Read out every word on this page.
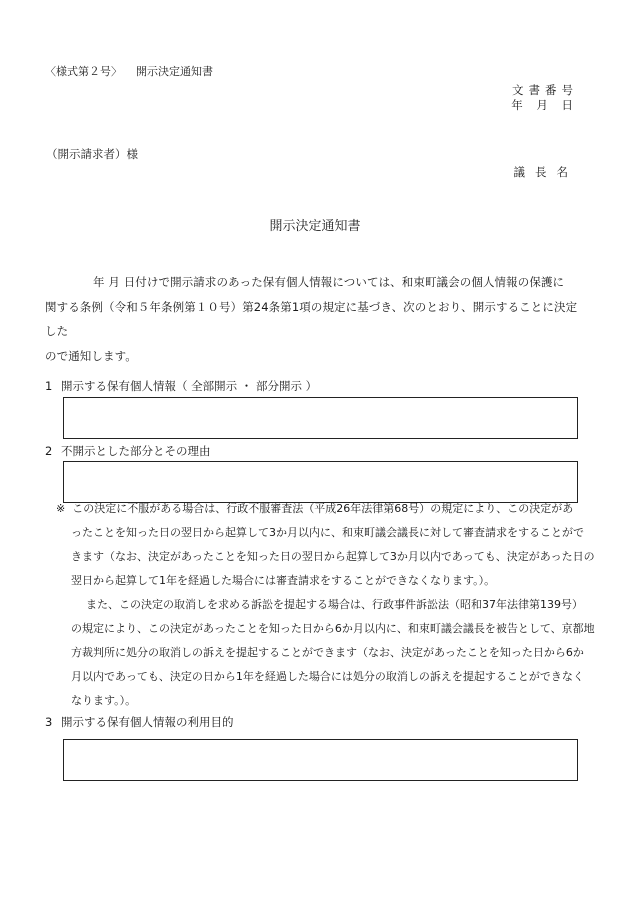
〈様式第２号〉 開示決定通知書
文書番号
年 月 日
（開示請求者）様
議長名
開示決定通知書
年 月 日付けで開示請求のあった保有個人情報については、和束町議会の個人情報の保護に
関する条例（令和５年条例第１０号）第24条第1項の規定に基づき、次のとおり、開示することに決定した
ので通知します。
1 開示する保有個人情報（ 全部開示 ・ 部分開示 ）
2 不開示とした部分とその理由
※ この決定に不服がある場合は、行政不服審査法（平成26年法律第68号）の規定により、この決定があ
ったことを知った日の翌日から起算して3か月以内に、和束町議会議長に対して審査請求をすることがで
きます（なお、決定があったことを知った日の翌日から起算して3か月以内であっても、決定があった日の
翌日から起算して1年を経過した場合には審査請求をすることができなくなります。）。
また、この決定の取消しを求める訴訟を提起する場合は、行政事件訴訟法（昭和37年法律第139号）
の規定により、この決定があったことを知った日から6か月以内に、和束町議会議長を被告として、京都地
方裁判所に処分の取消しの訴えを提起することができます（なお、決定があったことを知った日から6か
月以内であっても、決定の日から1年を経過した場合には処分の取消しの訴えを提起することができなく
なります。）。
3 開示する保有個人情報の利用目的
